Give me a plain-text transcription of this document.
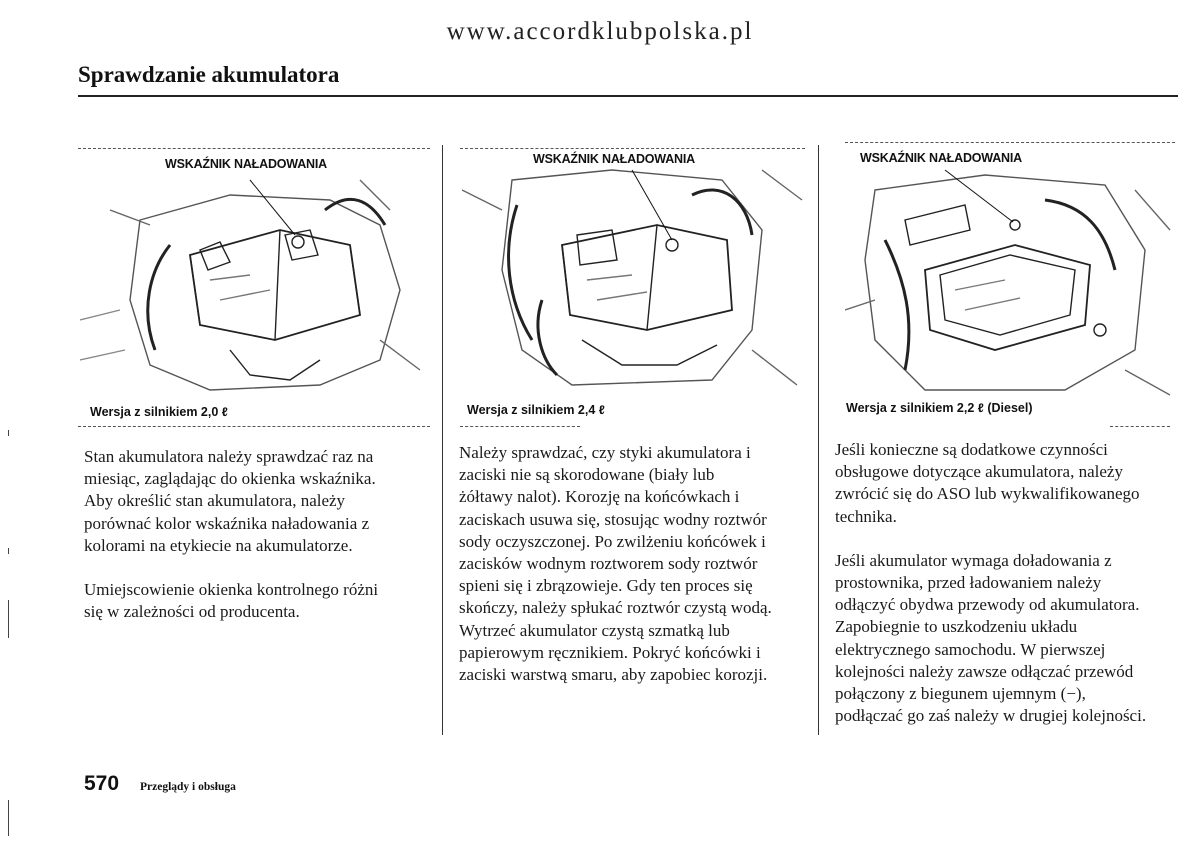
www.accordklubpolska.pl
Sprawdzanie akumulatora
WSKAŹNIK NAŁADOWANIA
Wersja z silnikiem 2,0 ℓ
WSKAŹNIK NAŁADOWANIA
Wersja z silnikiem 2,4 ℓ
WSKAŹNIK NAŁADOWANIA
Wersja z silnikiem 2,2 ℓ (Diesel)

Stan akumulatora należy sprawdzać raz na

miesiąc, zaglądając do okienka wskaźnika.

Aby określić stan akumulatora, należy

porównać kolor wskaźnika naładowania z

kolorami na etykiecie na akumulatorze.

Umiejscowienie okienka kontrolnego różni

się w zależności od producenta.

Należy sprawdzać, czy styki akumulatora i

zaciski nie są skorodowane (biały lub

żółtawy nalot). Korozję na końcówkach i

zaciskach usuwa się, stosując wodny roztwór

sody oczyszczonej. Po zwilżeniu końcówek i

zacisków wodnym roztworem sody roztwór

spieni się i zbrązowieje. Gdy ten proces się

skończy, należy spłukać roztwór czystą wodą.

Wytrzeć akumulator czystą szmatką lub

papierowym ręcznikiem. Pokryć końcówki i

zaciski warstwą smaru, aby zapobiec korozji.

Jeśli konieczne są dodatkowe czynności

obsługowe dotyczące akumulatora, należy

zwrócić się do ASO lub wykwalifikowanego

technika.

Jeśli akumulator wymaga doładowania z

prostownika, przed ładowaniem należy

odłączyć obydwa przewody od akumulatora.

Zapobiegnie to uszkodzeniu układu

elektrycznego samochodu. W pierwszej

kolejności należy zawsze odłączać przewód

połączony z biegunem ujemnym (−),

podłączać go zaś należy w drugiej kolejności.

570 Przeglądy i obsługa
